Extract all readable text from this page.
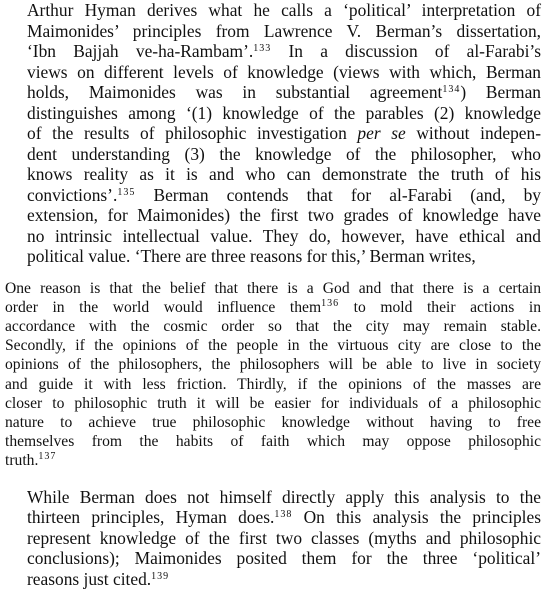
Arthur Hyman derives what he calls a ‘political’ interpretation of
Maimonides’ principles from Lawrence V. Berman’s dissertation,
‘Ibn Bajjah ve-ha-Rambam’.$^{133}$ In a discussion of al-Farabi’s
views on different levels of knowledge (views with which, Berman
holds, Maimonides was in substantial agreement$^{134}$) Berman
distinguishes among ‘(1) knowledge of the parables (2) knowledge
of the results of philosophic investigation per se without indepen-
dent understanding (3) the knowledge of the philosopher, who
knows reality as it is and who can demonstrate the truth of his
convictions’.$^{135}$ Berman contends that for al-Farabi (and, by
extension, for Maimonides) the first two grades of knowledge have
no intrinsic intellectual value. They do, however, have ethical and
political value. ‘There are three reasons for this,’ Berman writes,

One reason is that the belief that there is a God and that there is a certain
order in the world would influence them$^{136}$ to mold their actions in
accordance with the cosmic order so that the city may remain stable.
Secondly, if the opinions of the people in the virtuous city are close to the
opinions of the philosophers, the philosophers will be able to live in society
and guide it with less friction. Thirdly, if the opinions of the masses are
closer to philosophic truth it will be easier for individuals of a philosophic
nature to achieve true philosophic knowledge without having to free
themselves from the habits of faith which may oppose philosophic
truth.$^{137}$

While Berman does not himself directly apply this analysis to the
thirteen principles, Hyman does.$^{138}$ On this analysis the principles
represent knowledge of the first two classes (myths and philosophic
conclusions); Maimonides posited them for the three ‘political’
reasons just cited.$^{139}$
